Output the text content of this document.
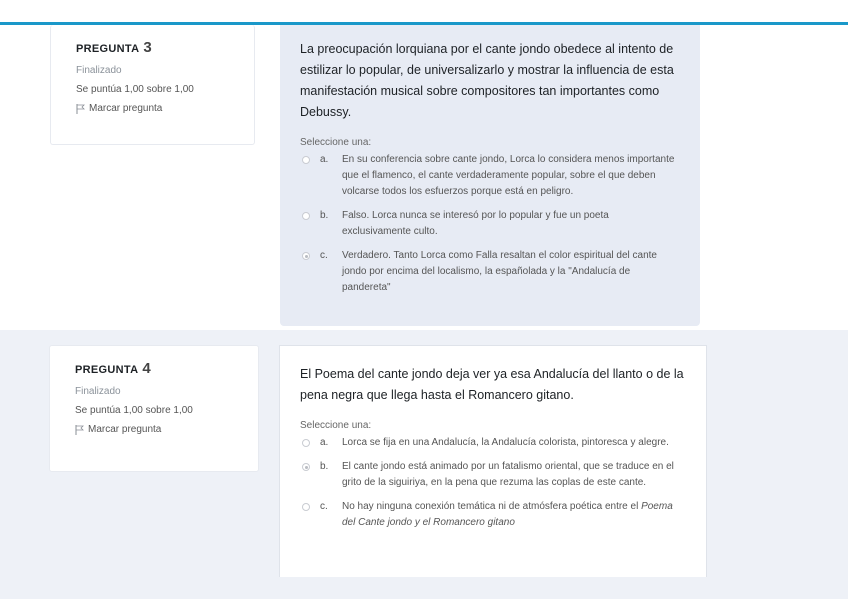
PREGUNTA 3
Finalizado
Se puntúa 1,00 sobre 1,00
Marcar pregunta
La preocupación lorquiana por el cante jondo obedece al intento de estilizar lo popular, de universalizarlo y mostrar la influencia de esta manifestación musical sobre compositores tan importantes como Debussy.
Seleccione una:
a.	En su conferencia sobre cante jondo, Lorca lo considera menos importante que el flamenco, el cante verdaderamente popular, sobre el que deben volcarse todos los esfuerzos porque está en peligro.
b.	Falso. Lorca nunca se interesó por lo popular y fue un poeta exclusivamente culto.
c.	Verdadero. Tanto Lorca como Falla resaltan el color espiritual del cante jondo por encima del localismo, la españolada y la "Andalucía de pandereta"
PREGUNTA 4
Finalizado
Se puntúa 1,00 sobre 1,00
Marcar pregunta
El Poema del cante jondo deja ver ya esa Andalucía del llanto o de la pena negra que llega hasta el Romancero gitano.
Seleccione una:
a.	Lorca se fija en una Andalucía, la Andalucía colorista, pintoresca y alegre.
b.	El cante jondo está animado por un fatalismo oriental, que se traduce en el grito de la siguiriya, en la pena que rezuma las coplas de este cante.
c.	No hay ninguna conexión temática ni de atmósfera poética entre el Poema del Cante jondo y el Romancero gitano
